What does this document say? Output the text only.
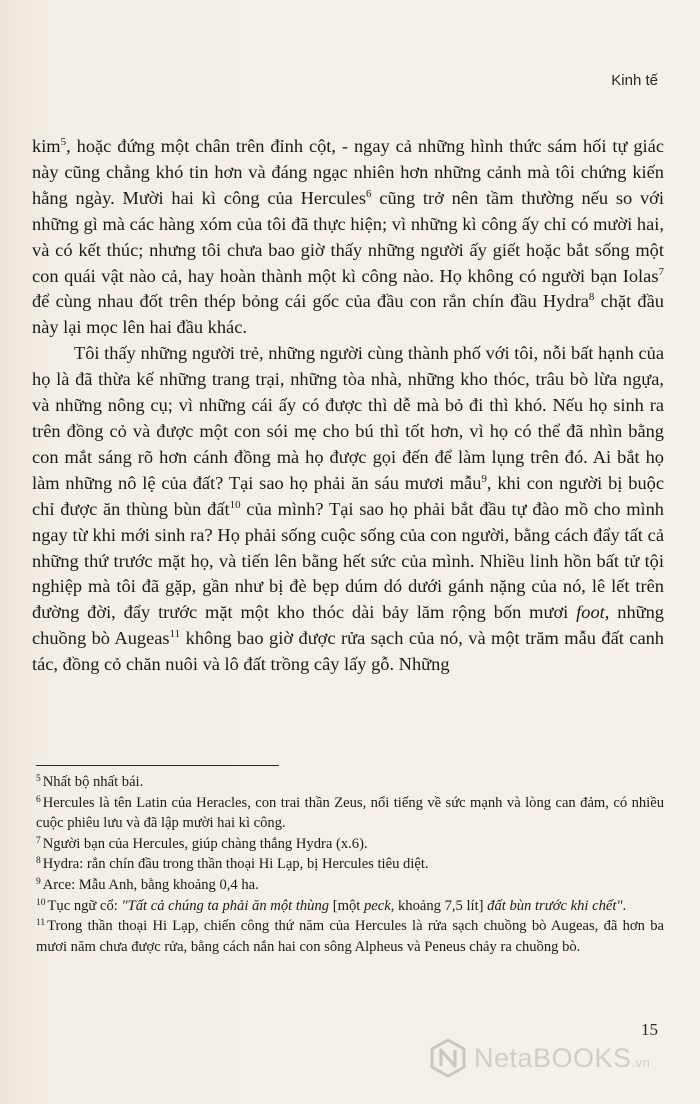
Kinh tế

kim$^5$, hoặc đứng một chân trên đỉnh cột, - ngay cả những hình thức sám hối tự giác này cũng chẳng khó tin hơn và đáng ngạc nhiên hơn những cảnh mà tôi chứng kiến hằng ngày. Mười hai kì công của Hercules$^6$ cũng trở nên tầm thường nếu so với những gì mà các hàng xóm của tôi đã thực hiện; vì những kì công ấy chỉ có mười hai, và có kết thúc; nhưng tôi chưa bao giờ thấy những người ấy giết hoặc bắt sống một con quái vật nào cả, hay hoàn thành một kì công nào. Họ không có người bạn Iolas$^7$ để cùng nhau đốt trên thép bỏng cái gốc của đầu con rắn chín đầu Hydra$^8$ chặt đầu này lại mọc lên hai đầu khác.

Tôi thấy những người trẻ, những người cùng thành phố với tôi, nỗi bất hạnh của họ là đã thừa kế những trang trại, những tòa nhà, những kho thóc, trâu bò lừa ngựa, và những nông cụ; vì những cái ấy có được thì dễ mà bỏ đi thì khó. Nếu họ sinh ra trên đồng cỏ và được một con sói mẹ cho bú thì tốt hơn, vì họ có thể đã nhìn bằng con mắt sáng rõ hơn cánh đồng mà họ được gọi đến để làm lụng trên đó. Ai bắt họ làm những nô lệ của đất? Tại sao họ phải ăn sáu mươi mẫu$^9$, khi con người bị buộc chỉ được ăn thùng bùn đất$^{10}$ của mình? Tại sao họ phải bắt đầu tự đào mồ cho mình ngay từ khi mới sinh ra? Họ phải sống cuộc sống của con người, bằng cách đẩy tất cả những thứ trước mặt họ, và tiến lên bằng hết sức của mình. Nhiều linh hồn bất tử tội nghiệp mà tôi đã gặp, gần như bị đè bẹp dúm dó dưới gánh nặng của nó, lê lết trên đường đời, đẩy trước mặt một kho thóc dài bảy lăm rộng bốn mươi foot, những chuồng bò Augeas$^{11}$ không bao giờ được rửa sạch của nó, và một trăm mẫu đất canh tác, đồng cỏ chăn nuôi và lô đất trồng cây lấy gỗ. Những

$^5$ Nhất bộ nhất bái.

$^6$ Hercules là tên Latin của Heracles, con trai thần Zeus, nổi tiếng về sức mạnh và lòng can đảm, có nhiều cuộc phiêu lưu và đã lập mười hai kì công.

$^7$ Người bạn của Hercules, giúp chàng thắng Hydra (x.6).

$^8$ Hydra: rắn chín đầu trong thần thoại Hi Lạp, bị Hercules tiêu diệt.

$^9$ Arce: Mẫu Anh, bằng khoảng 0,4 ha.

$^{10}$ Tục ngữ cổ: "Tất cả chúng ta phải ăn một thùng [một peck, khoảng 7,5 lít] đất bùn trước khi chết".

$^{11}$ Trong thần thoại Hi Lạp, chiến công thứ năm của Hercules là rửa sạch chuồng bò Augeas, đã hơn ba mươi năm chưa được rửa, bằng cách nắn hai con sông Alpheus và Peneus chảy ra chuồng bò.

15
NetaBOOKS.vn
